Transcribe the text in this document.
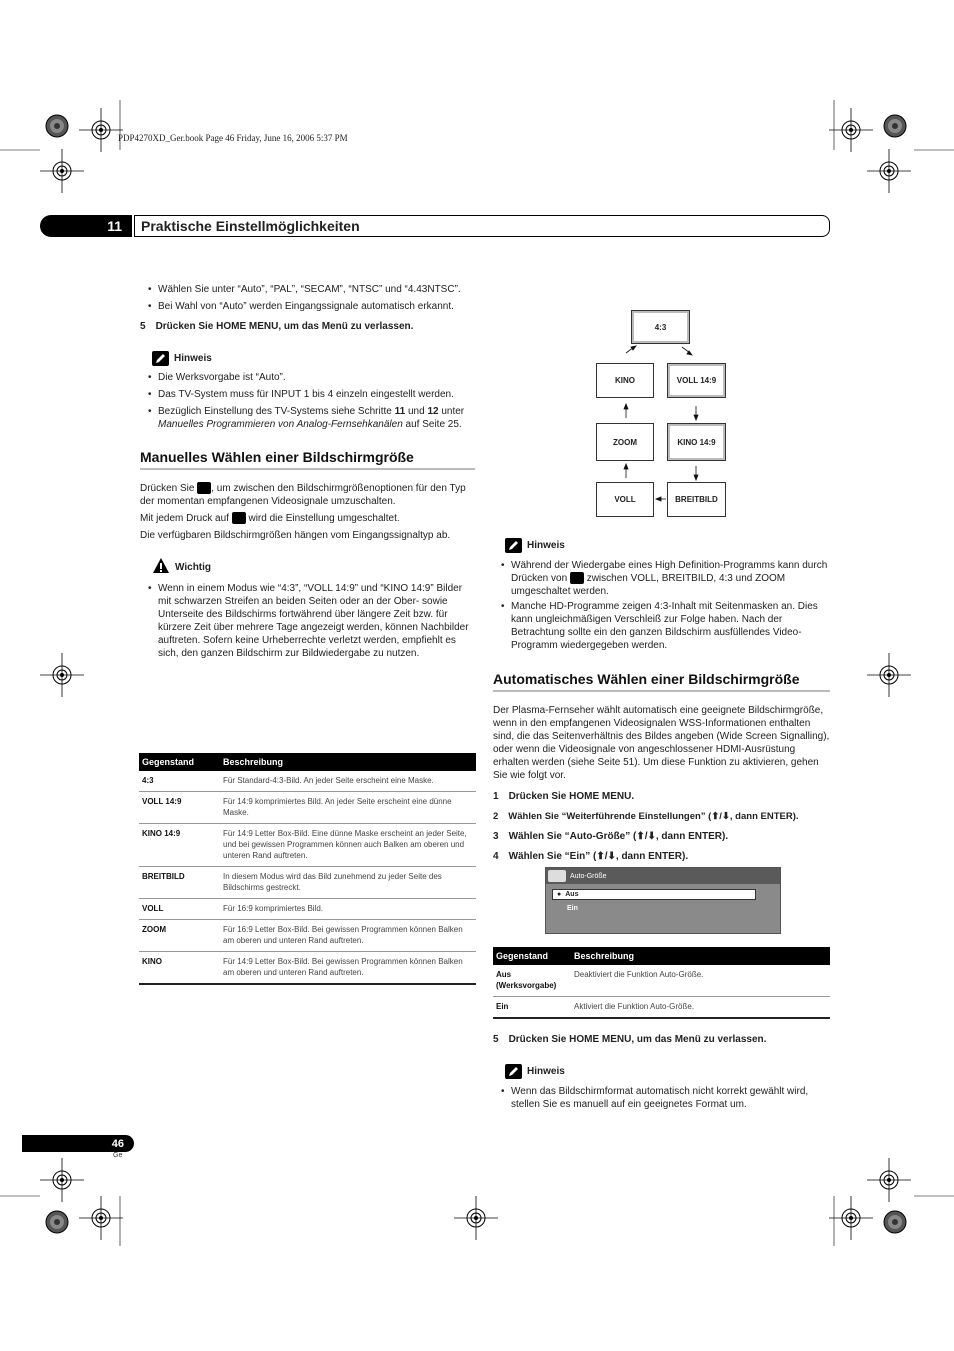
PDP4270XD_Ger.book Page 46 Friday, June 16, 2006 5:37 PM
11	Praktische Einstellmöglichkeiten
• Wählen Sie unter “Auto”, “PAL”, “SECAM”, “NTSC” und “4.43NTSC”.
• Bei Wahl von “Auto” werden Eingangssignale automatisch erkannt.
5 Drücken Sie HOME MENU, um das Menü zu verlassen.
Hinweis
• Die Werksvorgabe ist “Auto”.
• Das TV-System muss für INPUT 1 bis 4 einzeln eingestellt werden.
• Bezüglich Einstellung des TV-Systems siehe Schritte 11 und 12 unter Manuelles Programmieren von Analog-Fernsehkanälen auf Seite 25.
Manuelles Wählen einer Bildschirmgröße
Drücken Sie , um zwischen den Bildschirmgrößenoptionen für den Typ der momentan empfangenen Videosignale umzuschalten.
Mit jedem Druck auf  wird die Einstellung umgeschaltet.
Die verfügbaren Bildschirmgrößen hängen vom Eingangssignaltyp ab.
Wichtig
• Wenn in einem Modus wie “4:3”, “VOLL 14:9” und “KINO 14:9” Bilder mit schwarzen Streifen an beiden Seiten oder an der Ober- sowie Unterseite des Bildschirms fortwährend über längere Zeit bzw. für kürzere Zeit über mehrere Tage angezeigt werden, können Nachbilder auftreten. Sofern keine Urheberrechte verletzt werden, empfiehlt es sich, den ganzen Bildschirm zur Bildwiedergabe zu nutzen.
Gegenstand	Beschreibung
4:3	Für Standard-4:3-Bild. An jeder Seite erscheint eine Maske.
VOLL 14:9	Für 14:9 komprimiertes Bild. An jeder Seite erscheint eine dünne Maske.
KINO 14:9	Für 14:9 Letter Box-Bild. Eine dünne Maske erscheint an jeder Seite, und bei gewissen Programmen können auch Balken am oberen und unteren Rand auftreten.
BREITBILD	In diesem Modus wird das Bild zunehmend zu jeder Seite des Bildschirms gestreckt.
VOLL	Für 16:9 komprimiertes Bild.
ZOOM	Für 16:9 Letter Box-Bild. Bei gewissen Programmen können Balken am oberen und unteren Rand auftreten.
KINO	Für 14:9 Letter Box-Bild. Bei gewissen Programmen können Balken am oberen und unteren Rand auftreten.
4:3
KINO	VOLL 14:9
ZOOM	KINO 14:9
VOLL	BREITBILD
Hinweis
• Während der Wiedergabe eines High Definition-Programms kann durch Drücken von  zwischen VOLL, BREITBILD, 4:3 und ZOOM umgeschaltet werden.
• Manche HD-Programme zeigen 4:3-Inhalt mit Seitenmasken an. Dies kann ungleichmäßigen Verschleiß zur Folge haben. Nach der Betrachtung sollte ein den ganzen Bildschirm ausfüllendes Video-Programm wiedergegeben werden.
Automatisches Wählen einer Bildschirmgröße
Der Plasma-Fernseher wählt automatisch eine geeignete Bildschirmgröße, wenn in den empfangenen Videosignalen WSS-Informationen enthalten sind, die das Seitenverhältnis des Bildes angeben (Wide Screen Signalling), oder wenn die Videosignale von angeschlossener HDMI-Ausrüstung erhalten werden (siehe Seite 51). Um diese Funktion zu aktivieren, gehen Sie wie folgt vor.
1 Drücken Sie HOME MENU.
2 Wählen Sie “Weiterführende Einstellungen” (⬆/⬇, dann ENTER).
3 Wählen Sie “Auto-Größe” (⬆/⬇, dann ENTER).
4 Wählen Sie “Ein” (⬆/⬇, dann ENTER).
Auto-Größe
● Aus
Ein
Gegenstand	Beschreibung
Aus (Werksvorgabe)	Deaktiviert die Funktion Auto-Größe.
Ein	Aktiviert die Funktion Auto-Größe.
5 Drücken Sie HOME MENU, um das Menü zu verlassen.
Hinweis
• Wenn das Bildschirmformat automatisch nicht korrekt gewählt wird, stellen Sie es manuell auf ein geeignetes Format um.
46
Ge
